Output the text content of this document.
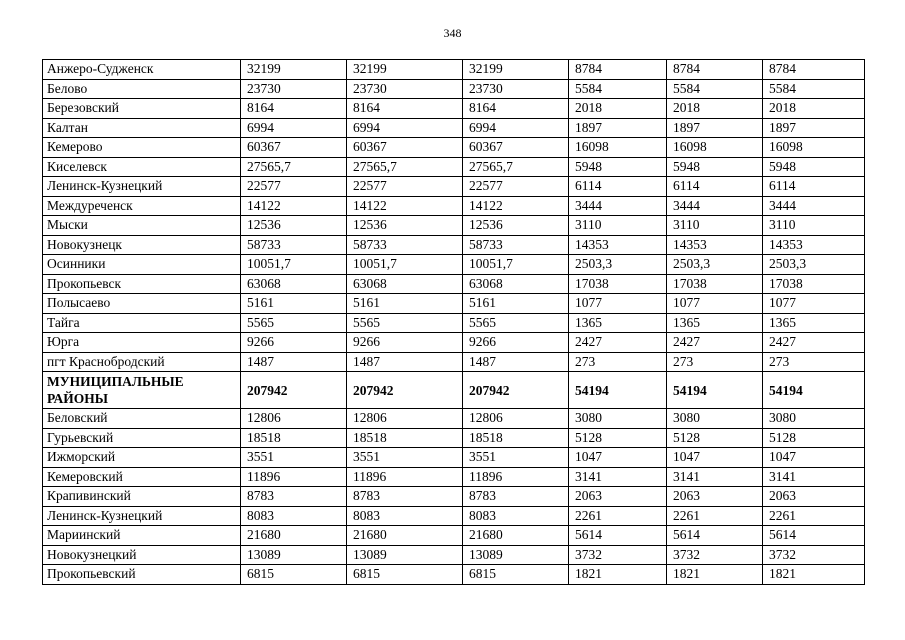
348
Анжеро-Судженск	32199	32199	32199	8784	8784	8784
Белово	23730	23730	23730	5584	5584	5584
Березовский	8164	8164	8164	2018	2018	2018
Калтан	6994	6994	6994	1897	1897	1897
Кемерово	60367	60367	60367	16098	16098	16098
Киселевск	27565,7	27565,7	27565,7	5948	5948	5948
Ленинск-Кузнецкий	22577	22577	22577	6114	6114	6114
Междуреченск	14122	14122	14122	3444	3444	3444
Мыски	12536	12536	12536	3110	3110	3110
Новокузнецк	58733	58733	58733	14353	14353	14353
Осинники	10051,7	10051,7	10051,7	2503,3	2503,3	2503,3
Прокопьевск	63068	63068	63068	17038	17038	17038
Полысаево	5161	5161	5161	1077	1077	1077
Тайга	5565	5565	5565	1365	1365	1365
Юрга	9266	9266	9266	2427	2427	2427
пгт Краснобродский	1487	1487	1487	273	273	273
МУНИЦИПАЛЬНЫЕ РАЙОНЫ	207942	207942	207942	54194	54194	54194
Беловский	12806	12806	12806	3080	3080	3080
Гурьевский	18518	18518	18518	5128	5128	5128
Ижморский	3551	3551	3551	1047	1047	1047
Кемеровский	11896	11896	11896	3141	3141	3141
Крапивинский	8783	8783	8783	2063	2063	2063
Ленинск-Кузнецкий	8083	8083	8083	2261	2261	2261
Мариинский	21680	21680	21680	5614	5614	5614
Новокузнецкий	13089	13089	13089	3732	3732	3732
Прокопьевский	6815	6815	6815	1821	1821	1821
